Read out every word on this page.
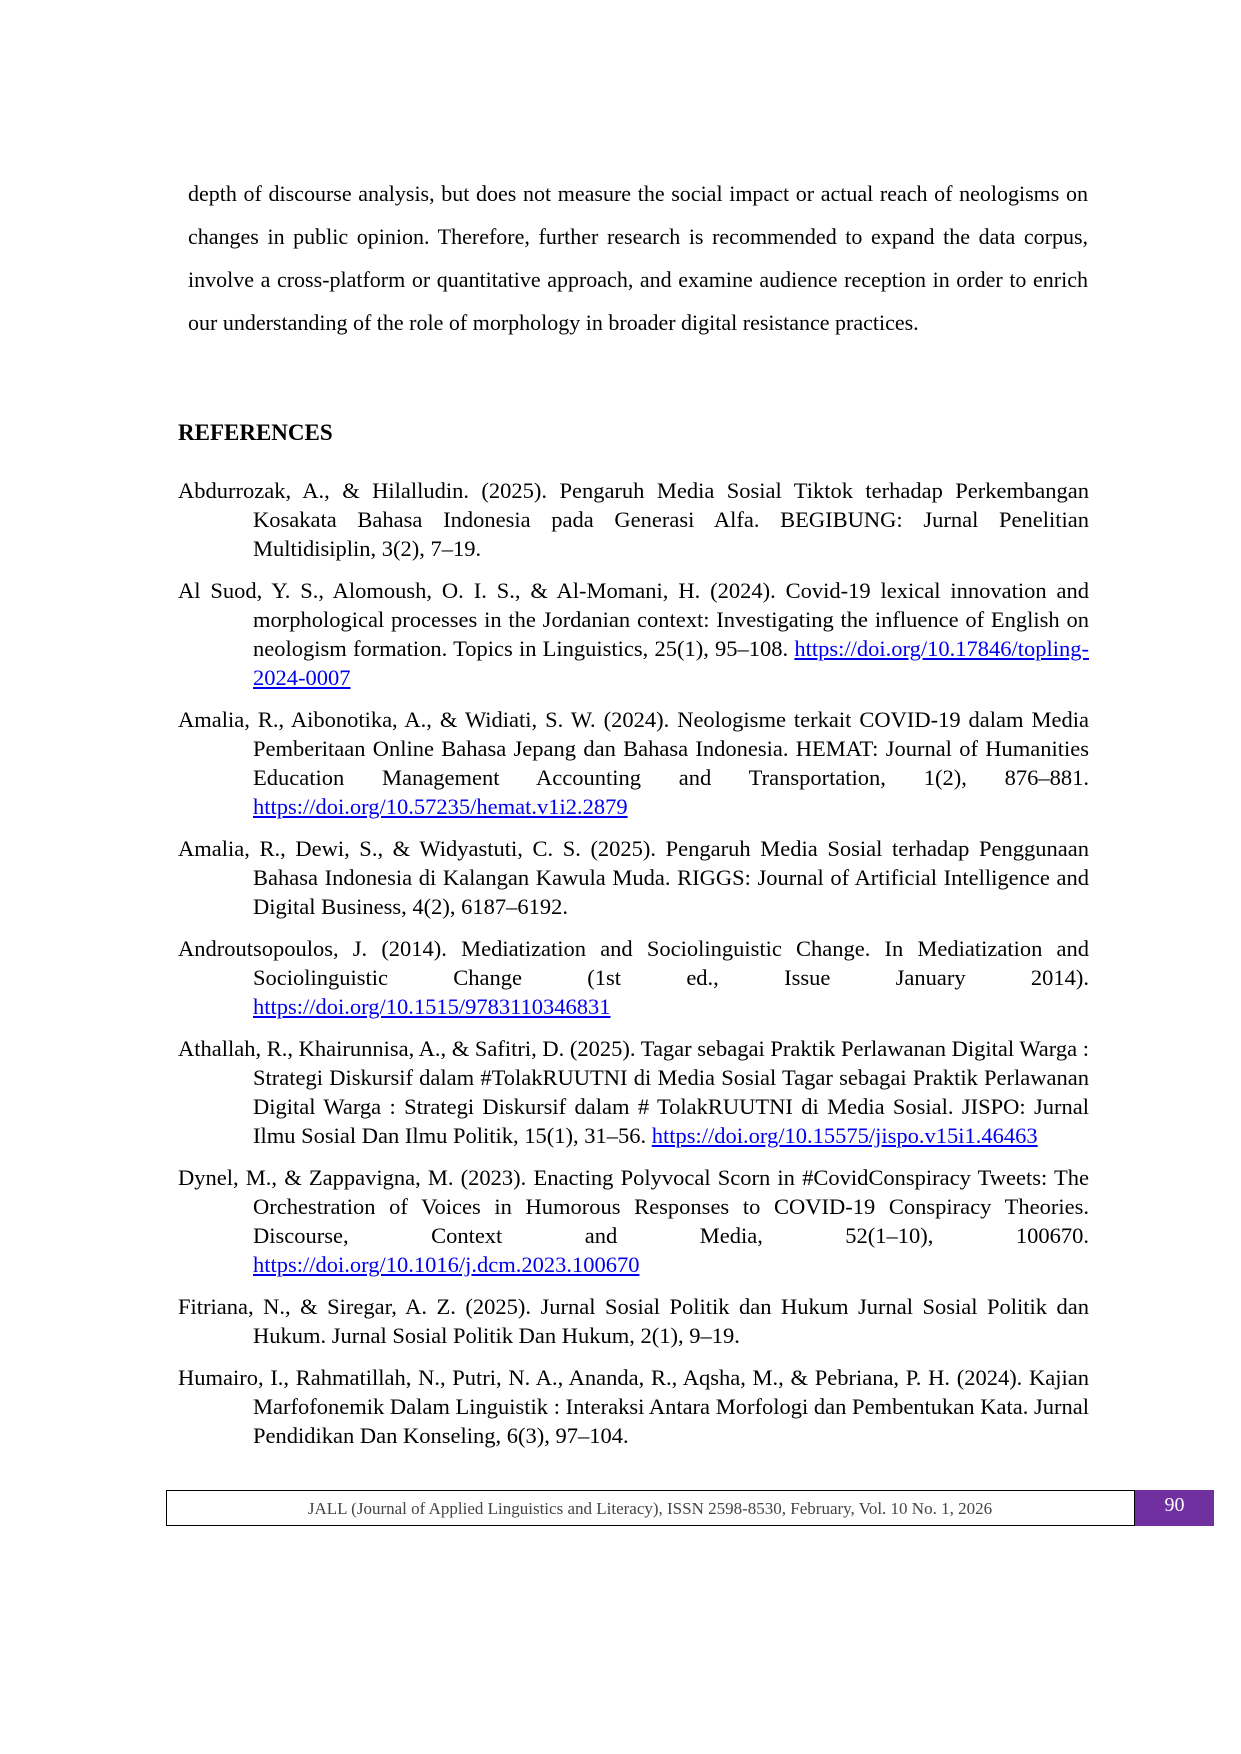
depth of discourse analysis, but does not measure the social impact or actual reach of neologisms on changes in public opinion. Therefore, further research is recommended to expand the data corpus, involve a cross-platform or quantitative approach, and examine audience reception in order to enrich our understanding of the role of morphology in broader digital resistance practices.

REFERENCES

Abdurrozak, A., & Hilalludin. (2025). Pengaruh Media Sosial Tiktok terhadap Perkembangan Kosakata Bahasa Indonesia pada Generasi Alfa. BEGIBUNG: Jurnal Penelitian Multidisiplin, 3(2), 7–19.

Al Suod, Y. S., Alomoush, O. I. S., & Al-Momani, H. (2024). Covid-19 lexical innovation and morphological processes in the Jordanian context: Investigating the influence of English on neologism formation. Topics in Linguistics, 25(1), 95–108. https://doi.org/10.17846/topling-2024-0007

Amalia, R., Aibonotika, A., & Widiati, S. W. (2024). Neologisme terkait COVID-19 dalam Media Pemberitaan Online Bahasa Jepang dan Bahasa Indonesia. HEMAT: Journal of Humanities Education Management Accounting and Transportation, 1(2), 876–881. https://doi.org/10.57235/hemat.v1i2.2879

Amalia, R., Dewi, S., & Widyastuti, C. S. (2025). Pengaruh Media Sosial terhadap Penggunaan Bahasa Indonesia di Kalangan Kawula Muda. RIGGS: Journal of Artificial Intelligence and Digital Business, 4(2), 6187–6192.

Androutsopoulos, J. (2014). Mediatization and Sociolinguistic Change. In Mediatization and Sociolinguistic Change (1st ed., Issue January 2014). https://doi.org/10.1515/9783110346831

Athallah, R., Khairunnisa, A., & Safitri, D. (2025). Tagar sebagai Praktik Perlawanan Digital Warga : Strategi Diskursif dalam #TolakRUUTNI di Media Sosial Tagar sebagai Praktik Perlawanan Digital Warga : Strategi Diskursif dalam # TolakRUUTNI di Media Sosial. JISPO: Jurnal Ilmu Sosial Dan Ilmu Politik, 15(1), 31–56. https://doi.org/10.15575/jispo.v15i1.46463

Dynel, M., & Zappavigna, M. (2023). Enacting Polyvocal Scorn in #CovidConspiracy Tweets: The Orchestration of Voices in Humorous Responses to COVID-19 Conspiracy Theories. Discourse, Context and Media, 52(1–10), 100670. https://doi.org/10.1016/j.dcm.2023.100670

Fitriana, N., & Siregar, A. Z. (2025). Jurnal Sosial Politik dan Hukum Jurnal Sosial Politik dan Hukum. Jurnal Sosial Politik Dan Hukum, 2(1), 9–19.

Humairo, I., Rahmatillah, N., Putri, N. A., Ananda, R., Aqsha, M., & Pebriana, P. H. (2024). Kajian Marfofonemik Dalam Linguistik : Interaksi Antara Morfologi dan Pembentukan Kata. Jurnal Pendidikan Dan Konseling, 6(3), 97–104.

JALL (Journal of Applied Linguistics and Literacy), ISSN 2598-8530, February, Vol. 10 No. 1, 2026	90
